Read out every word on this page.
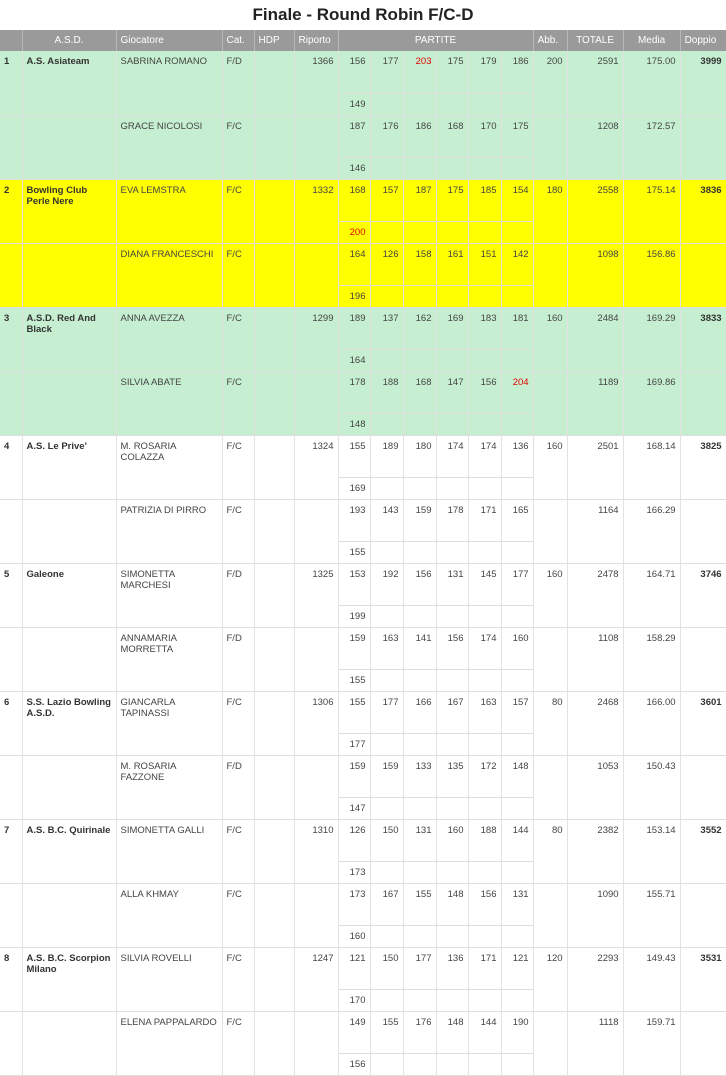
Finale - Round Robin F/C-D
	A.S.D.	Giocatore	Cat.	HDP	Riporto	PARTITE						Abb.	TOTALE	Media	Doppio
1	A.S. Asiateam	SABRINA ROMANO	F/D		1366	156	177	203	175	179	186	200	2591	175.00	3999
						149									
		GRACE NICOLOSI	F/C			187	176	186	168	170	175		1208	172.57	
						146									
2	Bowling Club Perle Nere	EVA LEMSTRA	F/C		1332	168	157	187	175	185	154	180	2558	175.14	3836
						200									
		DIANA FRANCESCHI	F/C			164	126	158	161	151	142		1098	156.86	
						196									
3	A.S.D. Red And Black	ANNA AVEZZA	F/C		1299	189	137	162	169	183	181	160	2484	169.29	3833
						164									
		SILVIA ABATE	F/C			178	188	168	147	156	204		1189	169.86	
						148									
4	A.S. Le Prive'	M. ROSARIA COLAZZA	F/C		1324	155	189	180	174	174	136	160	2501	168.14	3825
						169									
		PATRIZIA DI PIRRO	F/C			193	143	159	178	171	165		1164	166.29	
						155									
5	Galeone	SIMONETTA MARCHESI	F/D		1325	153	192	156	131	145	177	160	2478	164.71	3746
						199									
		ANNAMARIA MORRETTA	F/D			159	163	141	156	174	160		1108	158.29	
						155									
6	S.S. Lazio Bowling A.S.D.	GIANCARLA TAPINASSI	F/C		1306	155	177	166	167	163	157	80	2468	166.00	3601
						177									
		M. ROSARIA FAZZONE	F/D			159	159	133	135	172	148		1053	150.43	
						147									
7	A.S. B.C. Quirinale	SIMONETTA GALLI	F/C		1310	126	150	131	160	188	144	80	2382	153.14	3552
						173									
		ALLA KHMAY	F/C			173	167	155	148	156	131		1090	155.71	
						160									
8	A.S. B.C. Scorpion Milano	SILVIA ROVELLI	F/C		1247	121	150	177	136	171	121	120	2293	149.43	3531
						170									
		ELENA PAPPALARDO	F/C			149	155	176	148	144	190		1118	159.71	
						156									
